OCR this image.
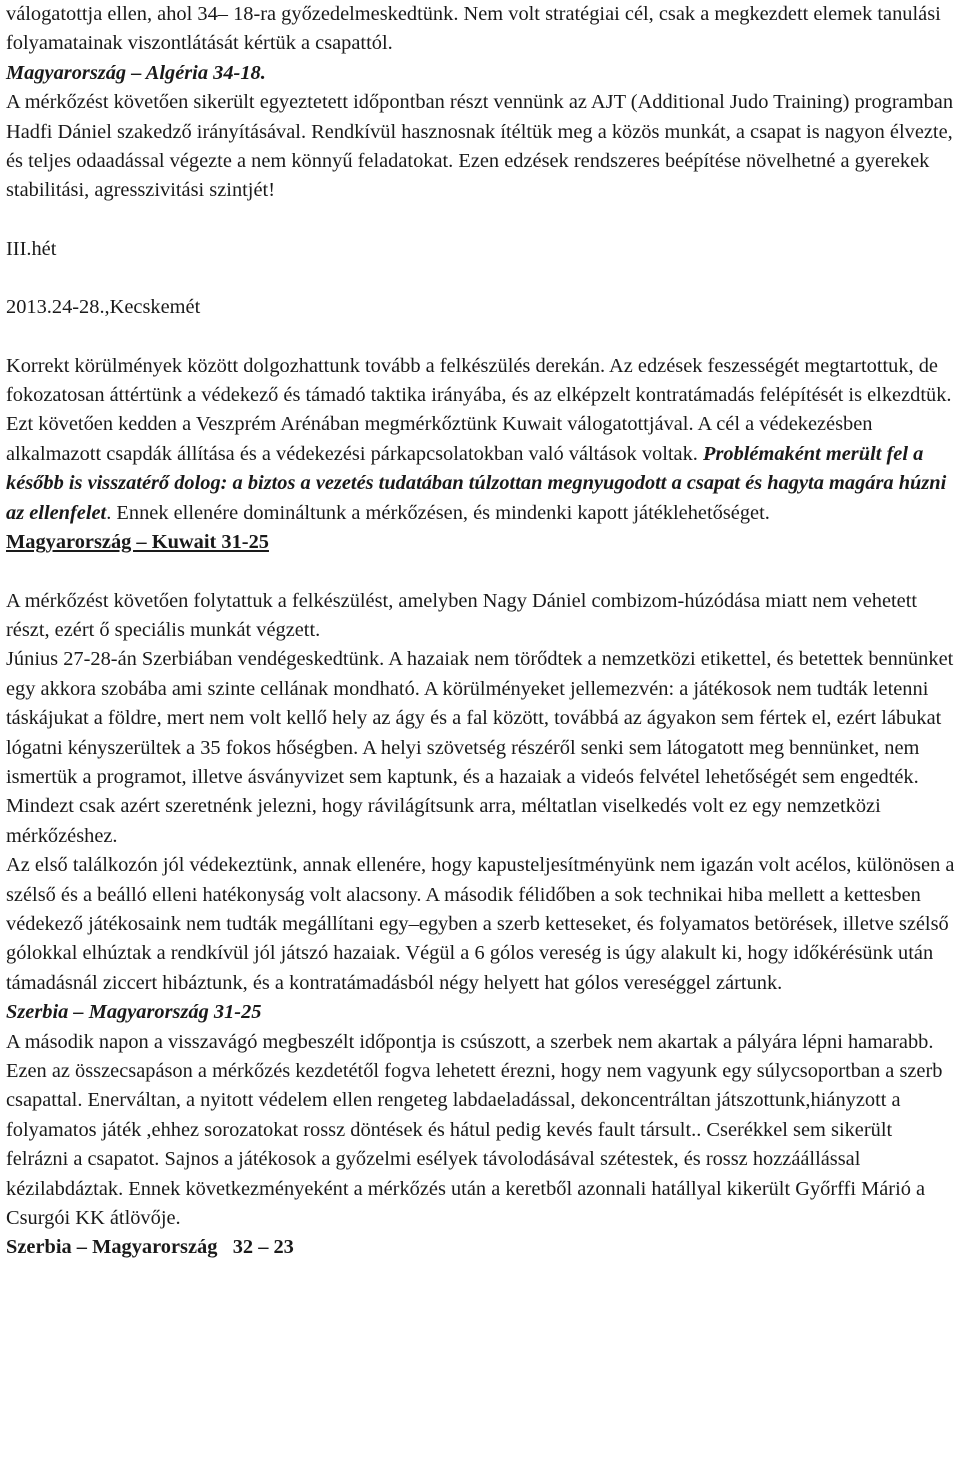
válogatottja ellen, ahol 34– 18-ra győzedelmeskedtünk. Nem volt stratégiai cél, csak a megkezdett elemek tanulási folyamatainak viszontlátását kértük a csapattól.

Magyarország – Algéria 34-18.

A mérkőzést követően sikerült egyeztetett időpontban részt vennünk az AJT (Additional Judo Training) programban Hadfi Dániel szakedző irányításával. Rendkívül hasznosnak ítéltük meg a közös munkát, a csapat is nagyon élvezte, és teljes odaadással végezte a nem könnyű feladatokat. Ezen edzések rendszeres beépítése növelhetné a gyerekek stabilitási, agresszivitási szintjét!

III.hét

2013.24-28.,Kecskemét

Korrekt körülmények között dolgozhattunk tovább a felkészülés derekán. Az edzések feszességét megtartottuk, de fokozatosan áttértünk a védekező és támadó taktika irányába, és az elképzelt kontratámadás felépítését is elkezdtük. Ezt követően kedden a Veszprém Arénában megmérkőztünk Kuwait válogatottjával. A cél a védekezésben alkalmazott csapdák állítása és a védekezési párkapcsolatokban való váltások voltak. Problémaként merült fel a később is visszatérő dolog: a biztos a vezetés tudatában túlzottan megnyugodott a csapat és hagyta magára húzni az ellenfelet. Ennek ellenére domináltunk a mérkőzésen, és mindenki kapott játéklehetőséget.

Magyarország – Kuwait 31-25

A mérkőzést követően folytattuk a felkészülést, amelyben Nagy Dániel combizom-húzódása miatt nem vehetett részt, ezért ő speciális munkát végzett.

Június 27-28-án Szerbiában vendégeskedtünk. A hazaiak nem törődtek a nemzetközi etikettel, és betettek bennünket egy akkora szobába ami szinte cellának mondható. A körülményeket jellemezvén: a játékosok nem tudták letenni táskájukat a földre, mert nem volt kellő hely az ágy és a fal között, továbbá az ágyakon sem fértek el, ezért lábukat lógatni kényszerültek a 35 fokos hőségben. A helyi szövetség részéről senki sem látogatott meg bennünket, nem ismertük a programot, illetve ásványvizet sem kaptunk, és a hazaiak a videós felvétel lehetőségét sem engedték. Mindezt csak azért szeretnénk jelezni, hogy rávilágítsunk arra, méltatlan viselkedés volt ez egy nemzetközi mérkőzéshez.

Az első találkozón jól védekeztünk, annak ellenére, hogy kapusteljesítményünk nem igazán volt acélos, különösen a szélső és a beálló elleni hatékonyság volt alacsony. A második félidőben a sok technikai hiba mellett a kettesben védekező játékosaink nem tudták megállítani egy–egyben a szerb ketteseket, és folyamatos betörések, illetve szélső gólokkal elhúztak a rendkívül jól játszó hazaiak. Végül a 6 gólos vereség is úgy alakult ki, hogy időkérésünk után támadásnál ziccert hibáztunk, és a kontratámadásból négy helyett hat gólos vereséggel zártunk.

Szerbia – Magyarország 31-25

A második napon a visszavágó megbeszélt időpontja is csúszott, a szerbek nem akartak a pályára lépni hamarabb. Ezen az összecsapáson a mérkőzés kezdetétől fogva lehetett érezni, hogy nem vagyunk egy súlycsoportban a szerb csapattal. Enerváltan, a nyitott védelem ellen rengeteg labdaeladással, dekoncentráltan játszottunk,hiányzott a folyamatos játék ,ehhez sorozatokat rossz döntések és hátul pedig kevés fault társult.. Cserékkel sem sikerült felrázni a csapatot. Sajnos a játékosok a győzelmi esélyek távolodásával szétestek, és rossz hozzáállással kézilabdáztak. Ennek következményeként a mérkőzés után a keretből azonnali hatállyal kikerült Győrffi Márió a Csurgói KK átlövője.

Szerbia – Magyarország   32 – 23
